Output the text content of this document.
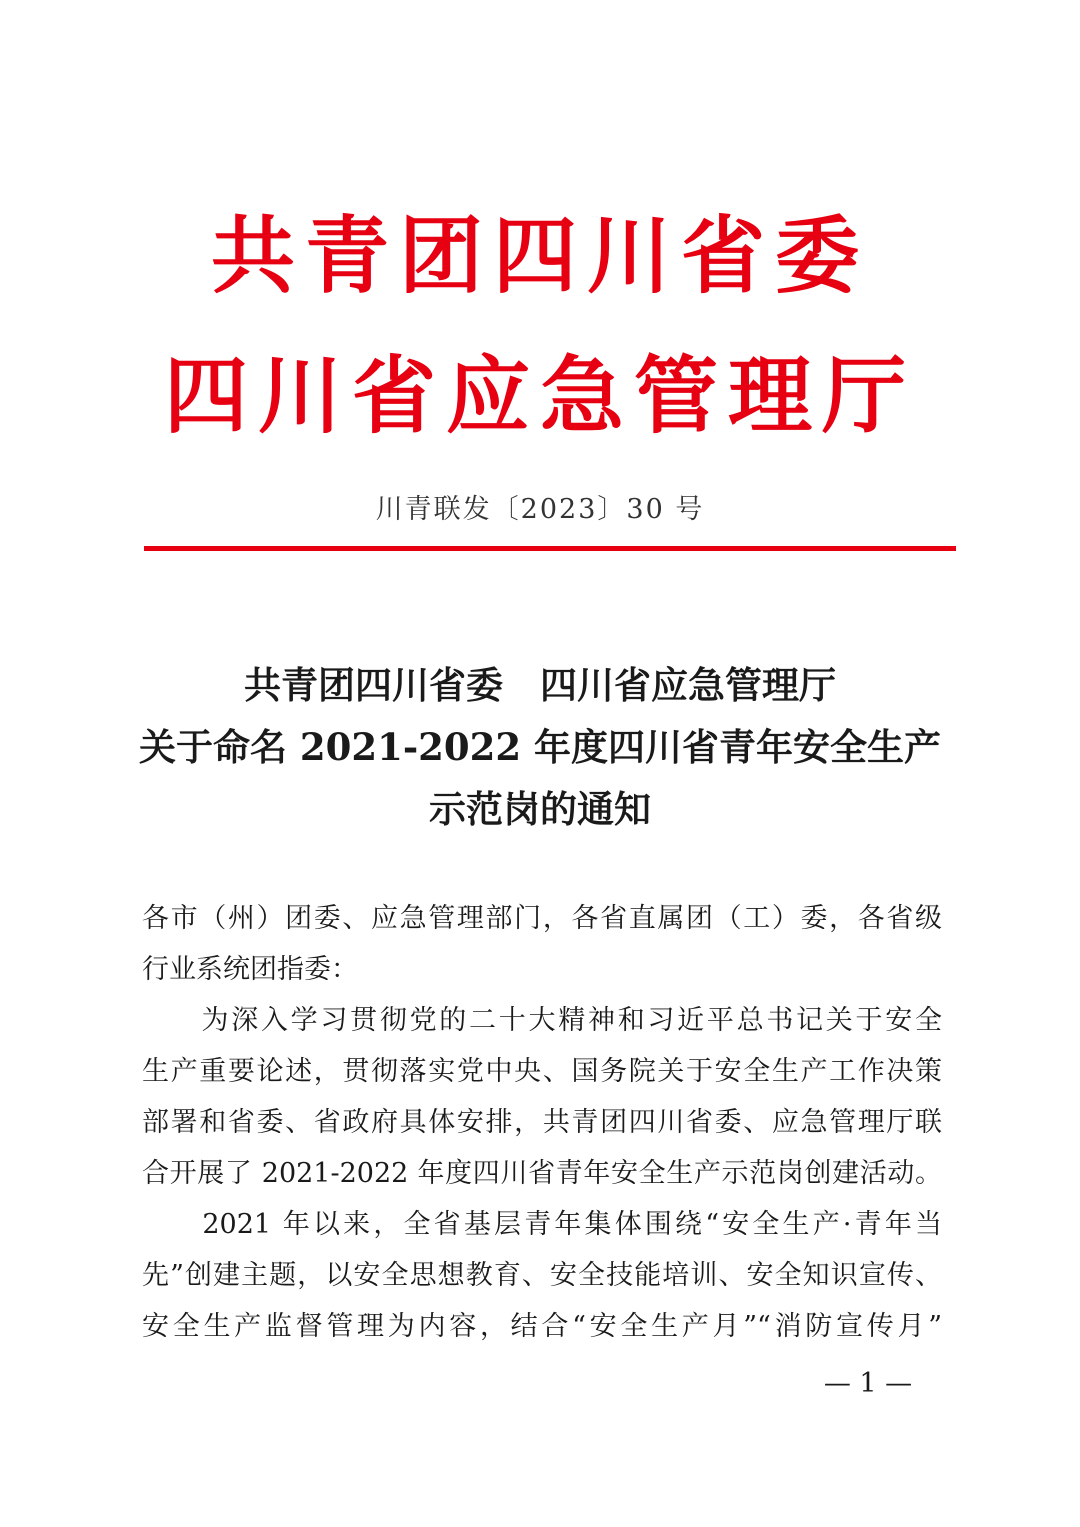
共青团四川省委
四川省应急管理厅
川青联发〔2023〕30 号
共青团四川省委　四川省应急管理厅
关于命名 2021-2022 年度四川省青年安全生产
示范岗的通知
各市（州）团委、应急管理部门，各省直属团（工）委，各省级
行业系统团指委：
　　为深入学习贯彻党的二十大精神和习近平总书记关于安全
生产重要论述，贯彻落实党中央、国务院关于安全生产工作决策
部署和省委、省政府具体安排，共青团四川省委、应急管理厅联
合开展了 2021-2022 年度四川省青年安全生产示范岗创建活动。
　　2021 年以来，全省基层青年集体围绕“安全生产·青年当
先”创建主题，以安全思想教育、安全技能培训、安全知识宣传、
安全生产监督管理为内容，结合“安全生产月”“消防宣传月”
— 1 —
